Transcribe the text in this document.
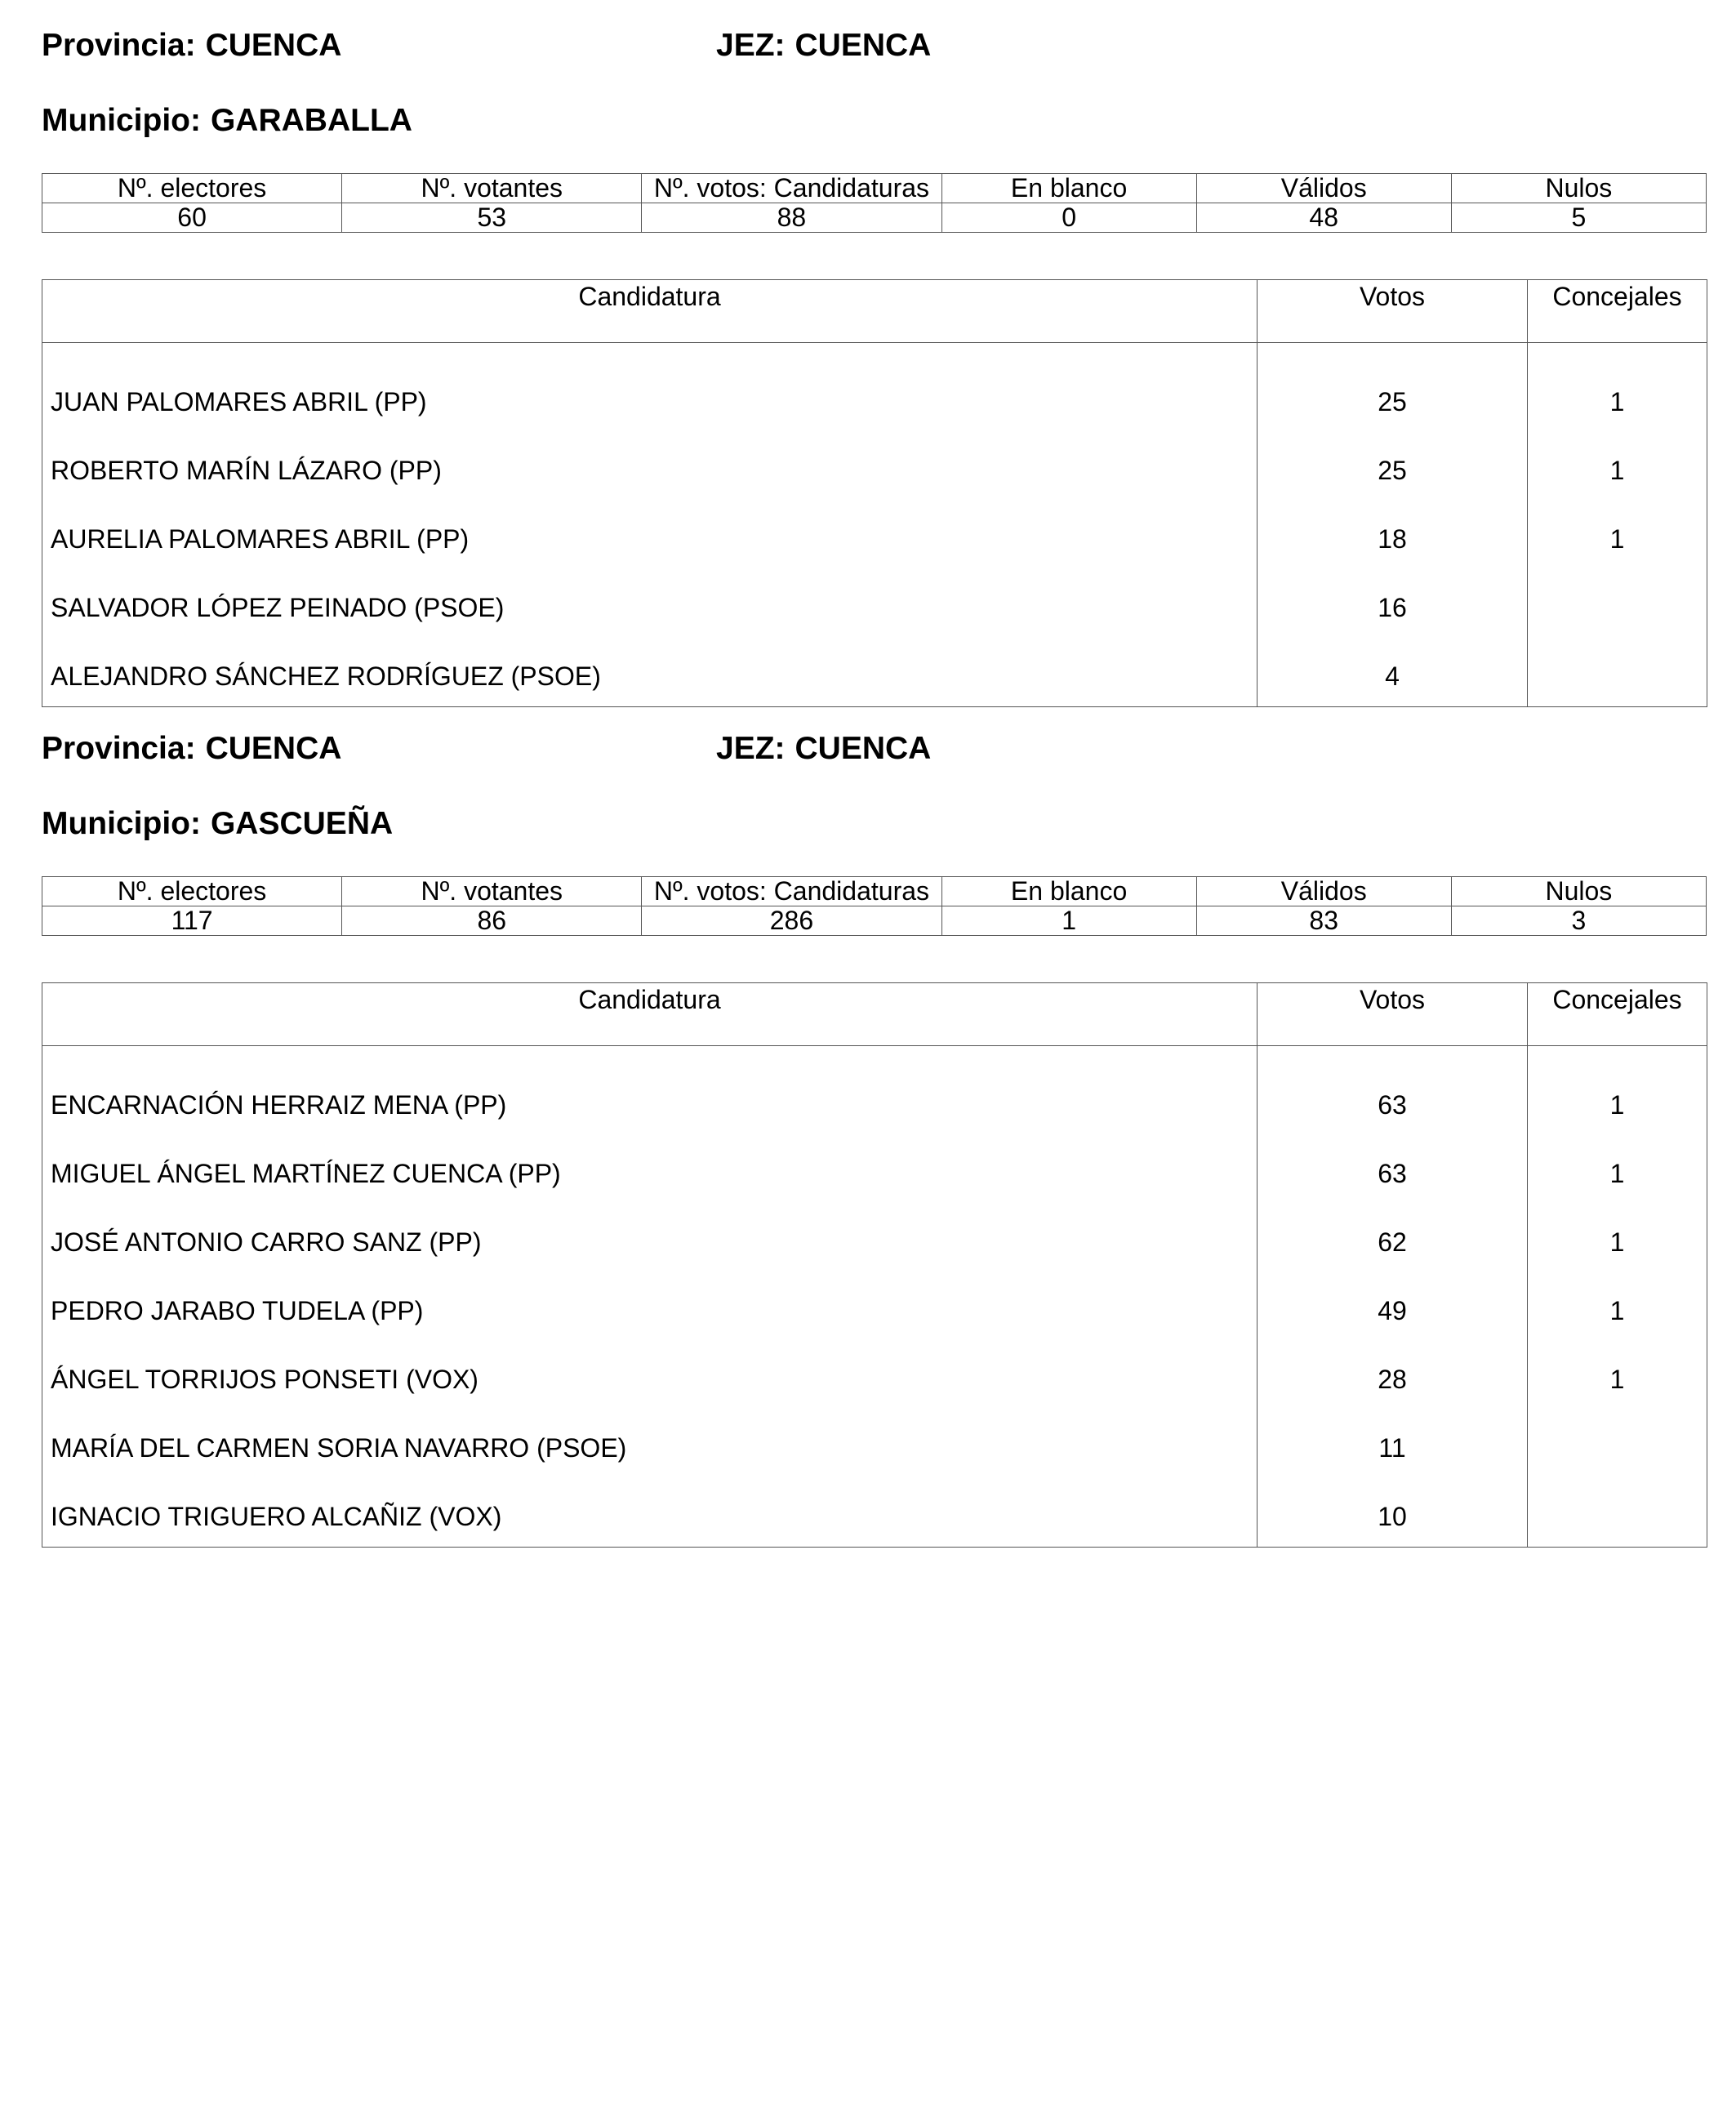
Provincia: CUENCA	JEZ: CUENCA
Municipio: GARABALLA
Nº. electores	Nº. votantes	Nº. votos: Candidaturas	En blanco	Válidos	Nulos
60	53	88	0	48	5
Candidatura	Votos	Concejales
JUAN PALOMARES ABRIL (PP)	25	1
ROBERTO MARÍN LÁZARO (PP)	25	1
AURELIA PALOMARES ABRIL (PP)	18	1
SALVADOR LÓPEZ PEINADO (PSOE)	16	
ALEJANDRO SÁNCHEZ RODRÍGUEZ (PSOE)	4	
Provincia: CUENCA	JEZ: CUENCA
Municipio: GASCUEÑA
Nº. electores	Nº. votantes	Nº. votos: Candidaturas	En blanco	Válidos	Nulos
117	86	286	1	83	3
Candidatura	Votos	Concejales
ENCARNACIÓN HERRAIZ MENA (PP)	63	1
MIGUEL ÁNGEL MARTÍNEZ CUENCA (PP)	63	1
JOSÉ ANTONIO CARRO SANZ (PP)	62	1
PEDRO JARABO TUDELA (PP)	49	1
ÁNGEL TORRIJOS PONSETI (VOX)	28	1
MARÍA DEL CARMEN SORIA NAVARRO (PSOE)	11	
IGNACIO TRIGUERO ALCAÑIZ (VOX)	10	
